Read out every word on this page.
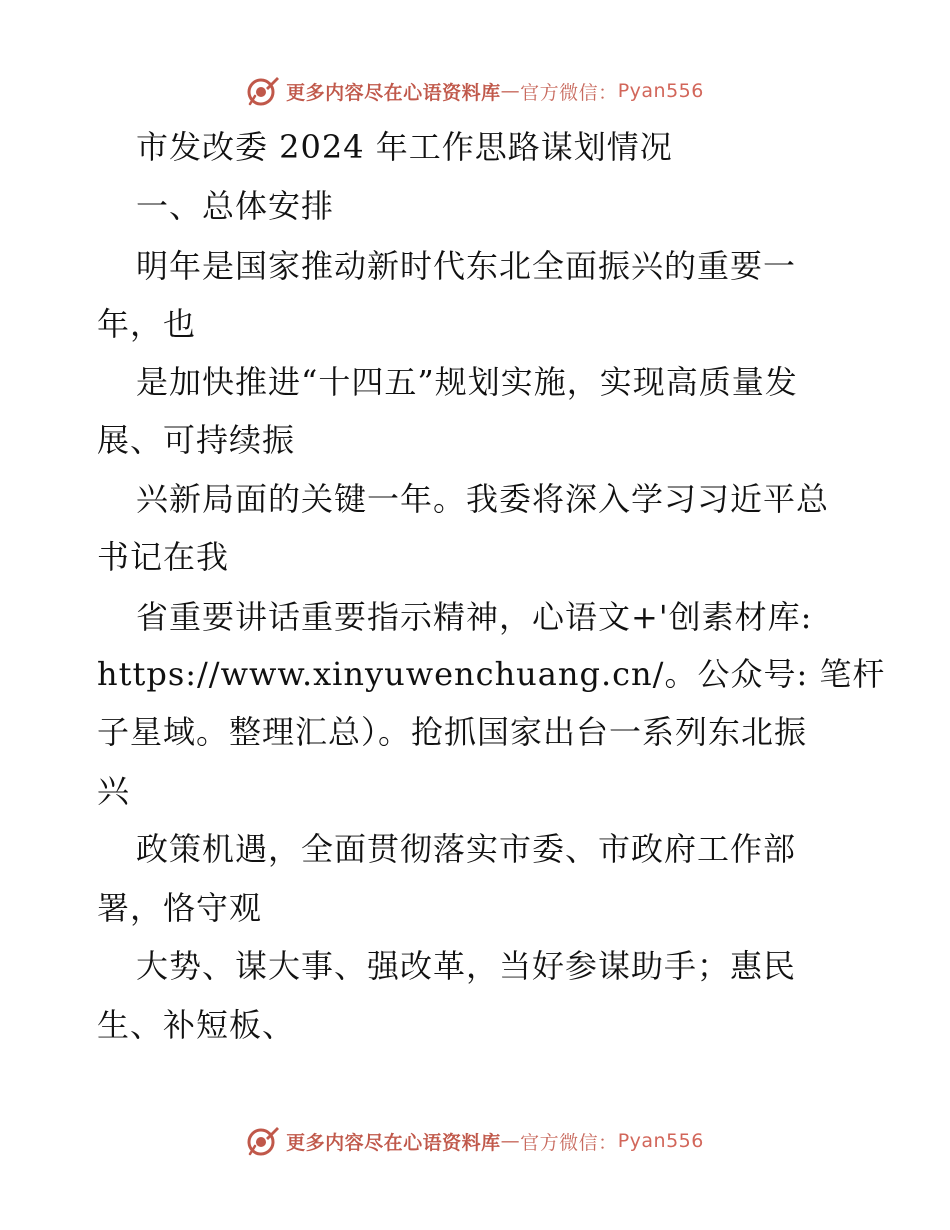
更多内容尽在心语资料库 — 官方微信： Pyan556
市发改委 2024 年工作思路谋划情况
一、总体安排
明年是国家推动新时代东北全面振兴的重要一
年，也
是加快推进“十四五”规划实施，实现高质量发
展、可持续振
兴新局面的关键一年。我委将深入学习习近平总
书记在我
省重要讲话重要指示精神，心语文+'创素材库:
https://www.xinyuwenchuang.cn/。公众号: 笔杆
子星域。整理汇总）。抢抓国家出台一系列东北振
兴
政策机遇，全面贯彻落实市委、市政府工作部
署，恪守观
大势、谋大事、强改革，当好参谋助手；惠民
生、补短板、
更多内容尽在心语资料库 — 官方微信： Pyan556
